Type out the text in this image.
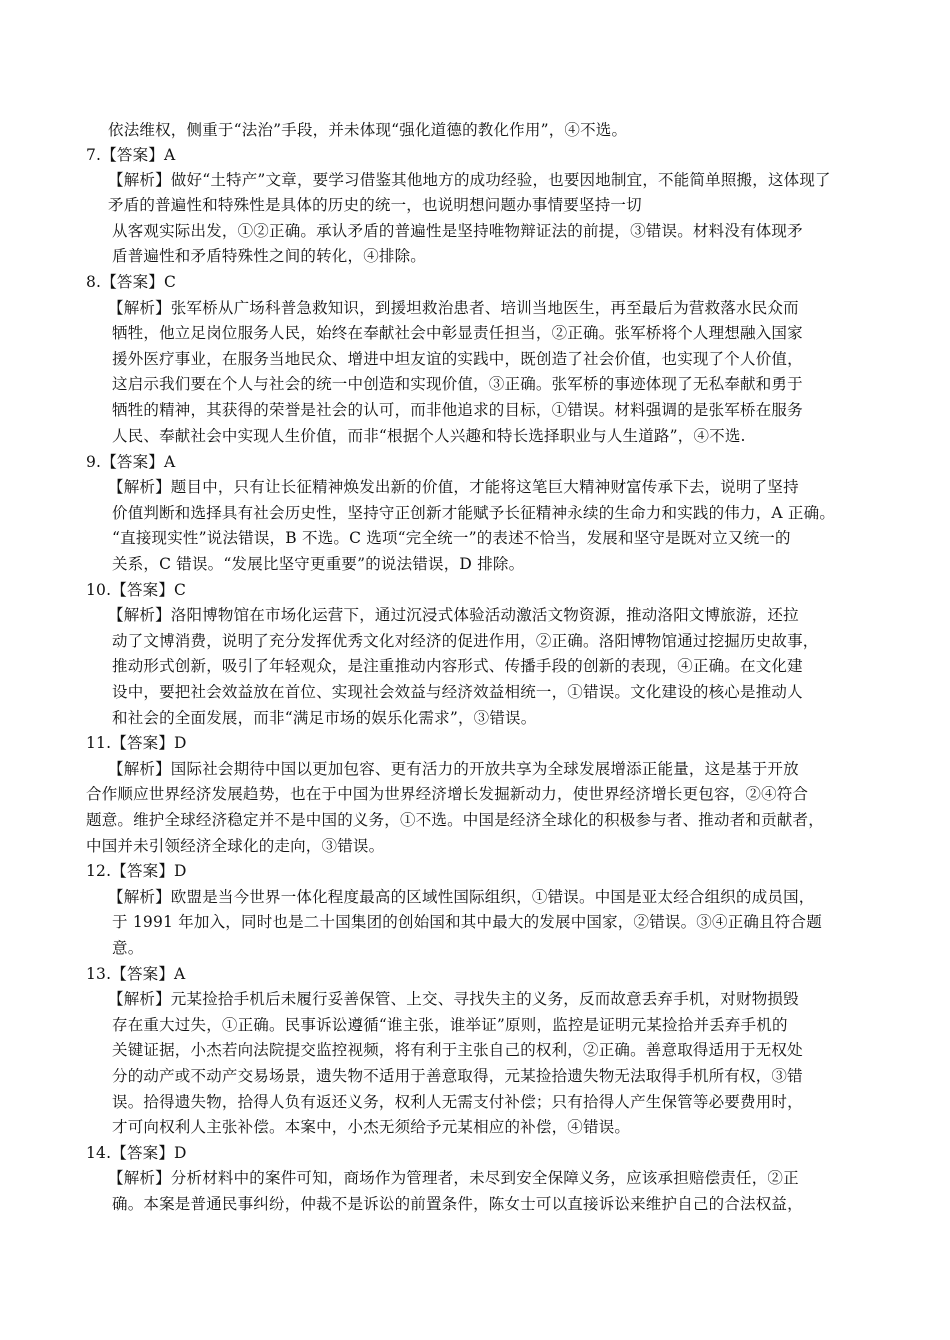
依法维权，侧重于“法治”手段，并未体现“强化道德的教化作用”，④不选。
7.【答案】A
【解析】做好“土特产”文章，要学习借鉴其他地方的成功经验，也要因地制宜，不能简单照搬，这体现了
矛盾的普遍性和特殊性是具体的历史的统一，也说明想问题办事情要坚持一切
从客观实际出发，①②正确。承认矛盾的普遍性是坚持唯物辩证法的前提，③错误。材料没有体现矛
盾普遍性和矛盾特殊性之间的转化，④排除。
8.【答案】C
【解析】张军桥从广场科普急救知识，到援坦救治患者、培训当地医生，再至最后为营救落水民众而
牺牲，他立足岗位服务人民，始终在奉献社会中彰显责任担当，②正确。张军桥将个人理想融入国家
援外医疗事业，在服务当地民众、增进中坦友谊的实践中，既创造了社会价值，也实现了个人价值，
这启示我们要在个人与社会的统一中创造和实现价值，③正确。张军桥的事迹体现了无私奉献和勇于
牺牲的精神，其获得的荣誉是社会的认可，而非他追求的目标，①错误。材料强调的是张军桥在服务
人民、奉献社会中实现人生价值，而非“根据个人兴趣和特长选择职业与人生道路”，④不选.
9.【答案】A
【解析】题目中，只有让长征精神焕发出新的价值，才能将这笔巨大精神财富传承下去，说明了坚持
价值判断和选择具有社会历史性，坚持守正创新才能赋予长征精神永续的生命力和实践的伟力，A 正确。
“直接现实性”说法错误，B 不选。C 选项“完全统一”的表述不恰当，发展和坚守是既对立又统一的
关系，C 错误。“发展比坚守更重要”的说法错误，D 排除。
10.【答案】C
【解析】洛阳博物馆在市场化运营下，通过沉浸式体验活动激活文物资源，推动洛阳文博旅游，还拉
动了文博消费，说明了充分发挥优秀文化对经济的促进作用，②正确。洛阳博物馆通过挖掘历史故事，
推动形式创新，吸引了年轻观众，是注重推动内容形式、传播手段的创新的表现，④正确。在文化建
设中，要把社会效益放在首位、实现社会效益与经济效益相统一，①错误。文化建设的核心是推动人
和社会的全面发展，而非“满足市场的娱乐化需求”，③错误。
11.【答案】D
【解析】国际社会期待中国以更加包容、更有活力的开放共享为全球发展增添正能量，这是基于开放
合作顺应世界经济发展趋势，也在于中国为世界经济增长发掘新动力，使世界经济增长更包容，②④符合
题意。维护全球经济稳定并不是中国的义务，①不选。中国是经济全球化的积极参与者、推动者和贡献者，
中国并未引领经济全球化的走向，③错误。
12.【答案】D
【解析】欧盟是当今世界一体化程度最高的区域性国际组织，①错误。中国是亚太经合组织的成员国，
于 1991 年加入，同时也是二十国集团的创始国和其中最大的发展中国家，②错误。③④正确且符合题
意。
13.【答案】A
【解析】元某捡拾手机后未履行妥善保管、上交、寻找失主的义务，反而故意丢弃手机，对财物损毁
存在重大过失，①正确。民事诉讼遵循“谁主张，谁举证”原则，监控是证明元某捡拾并丢弃手机的
关键证据，小杰若向法院提交监控视频，将有利于主张自己的权利，②正确。善意取得适用于无权处
分的动产或不动产交易场景，遗失物不适用于善意取得，元某捡拾遗失物无法取得手机所有权，③错
误。拾得遗失物，拾得人负有返还义务，权利人无需支付补偿；只有拾得人产生保管等必要费用时，
才可向权利人主张补偿。本案中，小杰无须给予元某相应的补偿，④错误。
14.【答案】D
【解析】分析材料中的案件可知，商场作为管理者，未尽到安全保障义务，应该承担赔偿责任，②正
确。本案是普通民事纠纷，仲裁不是诉讼的前置条件，陈女士可以直接诉讼来维护自己的合法权益，
